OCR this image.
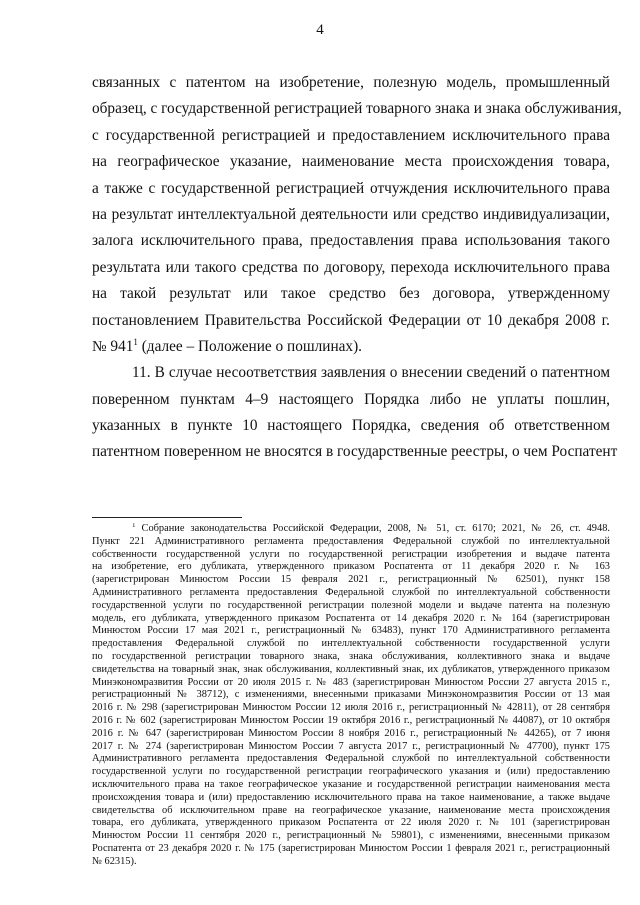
4
связанных с патентом на изобретение, полезную модель, промышленный
образец, с государственной регистрацией товарного знака и знака обслуживания,
с государственной регистрацией и предоставлением исключительного права
на географическое указание, наименование места происхождения товара,
а также с государственной регистрацией отчуждения исключительного права
на результат интеллектуальной деятельности или средство индивидуализации,
залога исключительного права, предоставления права использования такого
результата или такого средства по договору, перехода исключительного права
на такой результат или такое средство без договора, утвержденному
постановлением Правительства Российской Федерации от 10 декабря 2008 г.
№ $941^1$ (далее – Положение о пошлинах).
11. В случае несоответствия заявления о внесении сведений о патентном
поверенном пунктам 4–9 настоящего Порядка либо не уплаты пошлин,
указанных в пункте 10 настоящего Порядка, сведения об ответственном
патентном поверенном не вносятся в государственные реестры, о чем Роспатент
$^1$ Собрание законодательства Российской Федерации, 2008, № 51, ст. 6170; 2021, № 26, ст. 4948.
Пункт 221 Административного регламента предоставления Федеральной службой по интеллектуальной
собственности государственной услуги по государственной регистрации изобретения и выдаче патента
на изобретение, его дубликата, утвержденного приказом Роспатента от 11 декабря 2020 г. № 163
(зарегистрирован Минюстом России 15 февраля 2021 г., регистрационный № 62501), пункт 158
Административного регламента предоставления Федеральной службой по интеллектуальной собственности
государственной услуги по государственной регистрации полезной модели и выдаче патента на полезную
модель, его дубликата, утвержденного приказом Роспатента от 14 декабря 2020 г. № 164 (зарегистрирован
Минюстом России 17 мая 2021 г., регистрационный № 63483), пункт 170 Административного регламента
предоставления Федеральной службой по интеллектуальной собственности государственной услуги
по государственной регистрации товарного знака, знака обслуживания, коллективного знака и выдаче
свидетельства на товарный знак, знак обслуживания, коллективный знак, их дубликатов, утвержденного приказом
Минэкономразвития России от 20 июля 2015 г. № 483 (зарегистрирован Минюстом России 27 августа 2015 г.,
регистрационный № 38712), с изменениями, внесенными приказами Минэкономразвития России от 13 мая
2016 г. № 298 (зарегистрирован Минюстом России 12 июля 2016 г., регистрационный № 42811), от 28 сентября
2016 г. № 602 (зарегистрирован Минюстом России 19 октября 2016 г., регистрационный № 44087), от 10 октября
2016 г. № 647 (зарегистрирован Минюстом России 8 ноября 2016 г., регистрационный № 44265), от 7 июня
2017 г. № 274 (зарегистрирован Минюстом России 7 августа 2017 г., регистрационный № 47700), пункт 175
Административного регламента предоставления Федеральной службой по интеллектуальной собственности
государственной услуги по государственной регистрации географического указания и (или) предоставлению
исключительного права на такое географическое указание и государственной регистрации наименования места
происхождения товара и (или) предоставлению исключительного права на такое наименование, а также выдаче
свидетельства об исключительном праве на географическое указание, наименование места происхождения
товара, его дубликата, утвержденного приказом Роспатента от 22 июля 2020 г. № 101 (зарегистрирован
Минюстом России 11 сентября 2020 г., регистрационный № 59801), с изменениями, внесенными приказом
Роспатента от 23 декабря 2020 г. № 175 (зарегистрирован Минюстом России 1 февраля 2021 г., регистрационный
№ 62315).
